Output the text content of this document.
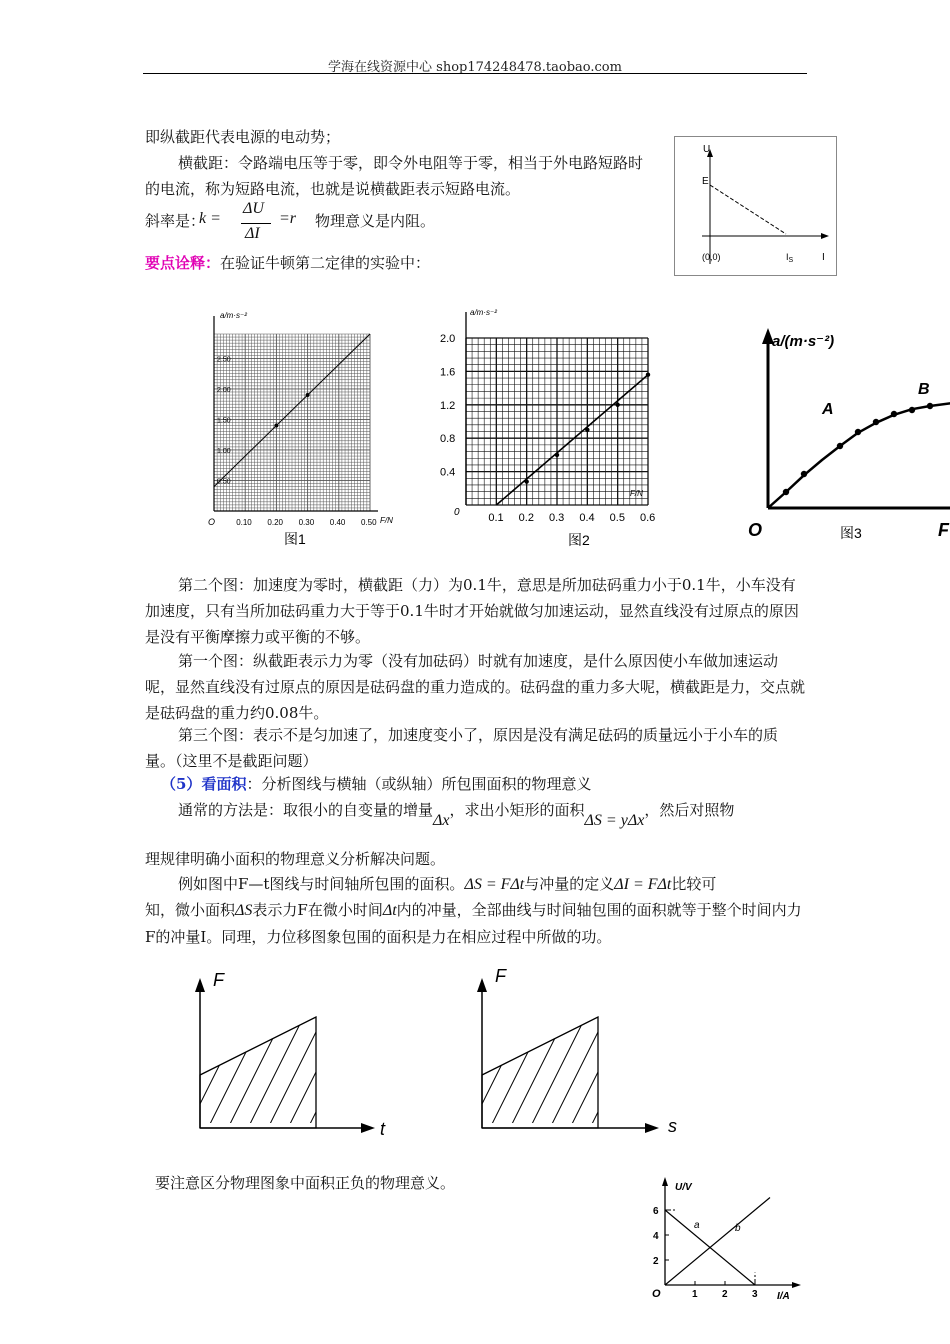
学海在线资源中心 shop174248478.taobao.com
即纵截距代表电源的电动势；
横截距：令路端电压等于零，即令外电阻等于零，相当于外电路短路时的电流，称为短路电流，也就是说横截距表示短路电流。
斜率是：
k =
ΔU
ΔI
=r 物理意义是内阻。
要点诠释：在验证牛顿第二定律的实验中：
U
E
(0,0)	$I_S$	I
0.10 0.20 0.30 0.40 0.50
0.50
1.00
1.50
2.00
2.50
F/N
a/m·s⁻²
O
图1
0.1 0.2 0.3 0.4 0.5 0.6
0.4
0.8
1.2
1.6
2.0
F/N
a/m·s⁻²
0
图2
a/(m·s⁻²)
O	图3	F
A
B
第二个图：加速度为零时，横截距（力）为0.1牛，意思是所加砝码重力小于0.1牛，小车没有加速度，只有当所加砝码重力大于等于0.1牛时才开始就做匀加速运动，显然直线没有过原点的原因是没有平衡摩擦力或平衡的不够。
第一个图：纵截距表示力为零（没有加砝码）时就有加速度，是什么原因使小车做加速运动呢，显然直线没有过原点的原因是砝码盘的重力造成的。砝码盘的重力多大呢，横截距是力，交点就是砝码盘的重力约0.08牛。
第三个图：表示不是匀加速了，加速度变小了，原因是没有满足砝码的质量远小于小车的质量。（这里不是截距问题）
（5）看面积：分析图线与横轴（或纵轴）所包围面积的物理意义
通常的方法是：取很小的自变量的增量Δx，求出小矩形的面积ΔS = yΔx，然后对照物
理规律明确小面积的物理意义分析解决问题。
例如图中F—t图线与时间轴所包围的面积。ΔS = FΔt与冲量的定义ΔI = FΔt比较可
知，微小面积ΔS表示力F在微小时间Δt内的冲量，全部曲线与时间轴包围的面积就等于整个时间内力F的冲量I。同理，力位移图象包围的面积是力在相应过程中所做的功。
F
t
F
s
要注意区分物理图象中面积正负的物理意义。
2
4
6
1 2 3
U/V
I/A
O
a	b
